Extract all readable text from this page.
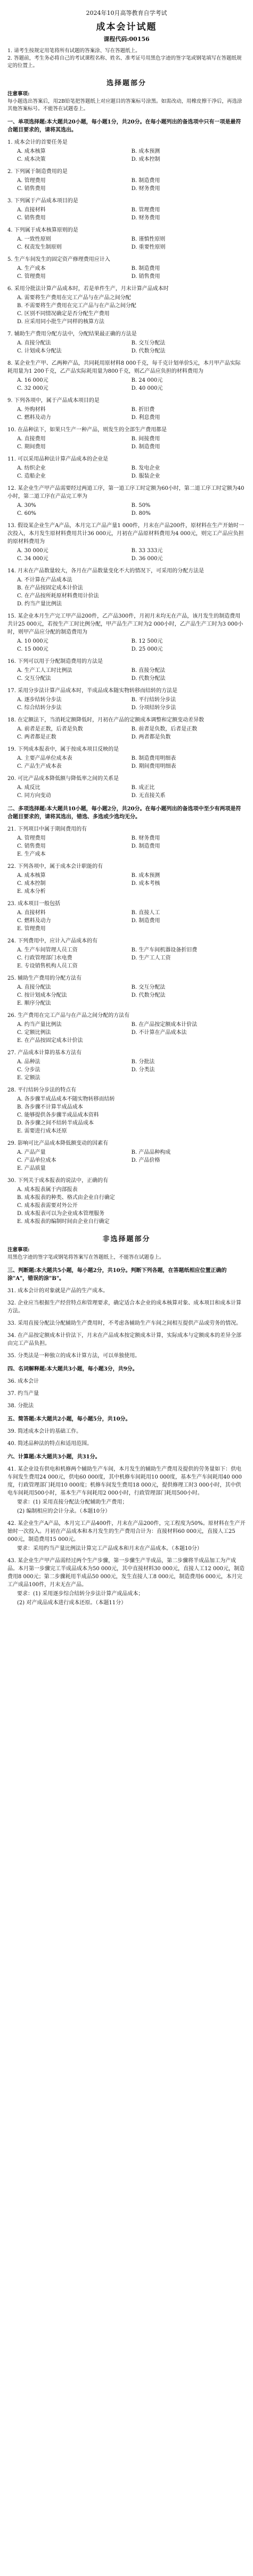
2024年10月高等教育自学考试
成本会计试题
课程代码:00156
1. 请考生按规定用笔将所有试题的答案涂、写在答题纸上。
2. 答题前，考生务必将自己的考试课程名称、姓名、准考证号用黑色字迹的签字笔或钢笔填写在答题纸规定的位置上。
选择题部分
注意事项:
每小题选出答案后，用2B铅笔把答题纸上对应题目的答案标号涂黑。如需改动，用橡皮擦干净后，再选涂其他答案标号。不能答在试题卷上。
一、单项选择题:本大题共20小题，每小题1分，共20分。在每小题列出的备选项中只有一项是最符合题目要求的，请将其选出。
1. 成本会计的首要任务是
A. 成本核算	B. 成本预测
C. 成本决策	D. 成本控制
2. 下列属于制造费用的是
A. 管理费用	B. 制造费用
C. 销售费用	D. 财务费用
3. 下列属于产品成本项目的是
A. 直接材料	B. 管理费用
C. 销售费用	D. 财务费用
4. 下列属于成本核算原则的是
A. 一致性原则	B. 谨慎性原则
C. 权责发生制原则	D. 重要性原则
5. 生产车间发生的固定资产修理费用应计入
A. 生产成本	B. 制造费用
C. 管理费用	D. 销售费用
6. 采用分批法计算产品成本时，若是单件生产，月末计算产品成本时
A. 需要将生产费用在完工产品与在产品之间分配
B. 不需要将生产费用在完工产品与在产品之间分配
C. 区别不同情况确定是否分配生产费用
D. 应采用同小批生产同样的核算方法
7. 辅助生产费用分配方法中，分配结果最正确的方法是
A. 直接分配法	B. 交互分配法
C. 计划成本分配法	D. 代数分配法
8. 某企业生产甲、乙两种产品，共同耗用原材料8 000千克，每千克计划单价5元，本月甲产品实际耗用量为1 200千克，乙产品实际耗用量为800千克，则乙产品应负担的材料费用为
A. 16 000元	B. 24 000元
C. 32 000元	D. 40 000元
9. 下列各项中，属于产品成本项目的是
A. 外购材料	B. 折旧费
C. 燃料及动力	D. 利息费用
10. 在品种法下，如果只生产一种产品，则发生的全部生产费用都是
A. 直接费用	B. 间接费用
C. 期间费用	D. 制造费用
11. 可以采用品种法计算产品成本的企业是
A. 纺织企业	B. 发电企业
C. 造船企业	D. 服装企业
12. 某企业生产甲产品需要经过两道工序，第一道工序工时定额为60小时，第二道工序工时定额为40小时，第二道工序在产品完工率为
A. 30%	B. 50%
C. 60%	D. 80%
13. 假设某企业生产A产品，本月完工产品产量1 000件，月末在产品200件，原材料在生产开始时一次投入，本月发生原材料费用共计36 000元，月初在产品原材料费用为4 000元，则完工产品应负担的原材料费用为
A. 30 000元	B. 33 333元
C. 34 000元	D. 36 000元
14. 月末在产品数量较大，各月在产品数量变化不大的情况下，可采用的分配方法是
A. 不计算在产品成本法
B. 在产品按固定成本计价法
C. 在产品按所耗原材料费用计价法
D. 约当产量比例法
15. 某企业本月生产完工甲产品200件，乙产品300件，月初月末均无在产品，该月发生的制造费用共计25 000元，若按生产工时比例分配，甲产品生产工时为2 000小时，乙产品生产工时为3 000小时，则甲产品应分配的制造费用为
A. 10 000元	B. 12 500元
C. 15 000元	D. 25 000元
16. 下列可以用于分配制造费用的方法是
A. 生产工人工时比例法	B. 直接分配法
C. 交互分配法	D. 代数分配法
17. 采用分步法计算产品成本时，半成品成本随实物转移而结转的方法是
A. 逐步结转分步法	B. 平行结转分步法
C. 综合结转分步法	D. 分项结转分步法
18. 在定额法下，当消耗定额降低时，月初在产品的定额成本调整和定额变动差异数
A. 前者是正数，后者是负数	B. 前者是负数，后者是正数
C. 两者都是正数	D. 两者都是负数
19. 下列成本报表中，属于按成本项目反映的是
A. 主要产品单位成本表	B. 制造费用明细表
C. 产品生产成本表	D. 期间费用明细表
20. 可比产品成本降低额与降低率之间的关系是
A. 成反比	B. 成正比
C. 同方向变动	D. 无直接关系
二、多项选择题:本大题共10小题，每小题2分，共20分。在每小题列出的备选项中至少有两项是符合题目要求的，请将其选出，错选、多选或少选均无分。
21. 下列项目中属于期间费用的有
A. 管理费用	B. 财务费用
C. 销售费用	D. 制造费用
E. 生产成本
22. 下列各项中，属于成本会计职能的有
A. 成本核算	B. 成本预测
C. 成本控制	D. 成本考核
E. 成本分析
23. 成本项目一般包括
A. 直接材料	B. 直接人工
C. 燃料及动力	D. 制造费用
E. 管理费用
24. 下列费用中，应计入产品成本的有
A. 生产车间管理人员工资	B. 生产车间机器设备折旧费
C. 行政管理部门水电费	D. 生产工人工资
E. 专设销售机构人员工资
25. 辅助生产费用的分配方法有
A. 直接分配法	B. 交互分配法
C. 按计划成本分配法	D. 代数分配法
E. 顺序分配法
26. 生产费用在完工产品与在产品之间分配的方法有
A. 约当产量比例法	B. 在产品按定额成本计价法
C. 定额比例法	D. 不计算在产品成本法
E. 在产品按固定成本计价法
27. 产品成本计算的基本方法有
A. 品种法	B. 分批法
C. 分步法	D. 分类法
E. 定额法
28. 平行结转分步法的特点有
A. 各步骤半成品成本不随实物转移而结转
B. 各步骤不计算半成品成本
C. 能够提供各步骤半成品成本资料
D. 各步骤之间不结转半成品成本
E. 需要进行成本还原
29. 影响可比产品成本降低额变动的因素有
A. 产品产量	B. 产品品种构成
C. 产品单位成本	D. 产品价格
E. 产品质量
30. 下列关于成本报表的说法中，正确的有
A. 成本报表属于内部报表
B. 成本报表的种类、格式由企业自行确定
C. 成本报表需要对外公开
D. 成本报表可以为企业成本管理服务
E. 成本报表的编制时间由企业自行确定
非选择题部分
注意事项:
用黑色字迹的签字笔或钢笔将答案写在答题纸上，不能答在试题卷上。
三、判断题:本大题共5小题，每小题2分，共10分。判断下列各题，在答题纸相应位置正确的涂"A"，错误的涂"B"。
31. 成本会计的对象就是产品的生产成本。
32. 企业应当根据生产经营特点和管理要求，确定适合本企业的成本核算对象、成本项目和成本计算方法。
33. 采用直接分配法分配辅助生产费用时，不考虑各辅助生产车间之间相互提供产品或劳务的情况。
34. 在产品按定额成本计价法下，月末在产品成本按定额成本计算，实际成本与定额成本的差异全部由完工产品负担。
35. 分类法是一种独立的成本计算方法，可以单独使用。
四、名词解释题:本大题共3小题，每小题3分，共9分。
36. 成本会计
37. 约当产量
38. 分批法
五、简答题:本大题共2小题，每小题5分，共10分。
39. 简述成本会计的基础工作。
40. 简述品种法的特点和适用范围。
六、计算题:本大题共3小题，共31分。
41. 某企业设有供电和机修两个辅助生产车间，本月发生的辅助生产费用及提供的劳务量如下：供电车间发生费用24 000元，供电60 000度，其中机修车间耗用10 000度，基本生产车间耗用40 000度，行政管理部门耗用10 000度；机修车间发生费用18 000元，提供修理工时3 000小时，其中供电车间耗用500小时，基本生产车间耗用2 000小时，行政管理部门耗用500小时。
要求：(1) 采用直接分配法分配辅助生产费用；
(2) 编制相应的会计分录。（本题10分）
42. 某企业生产A产品，本月完工产品400件，月末在产品200件，完工程度为50%。原材料在生产开始时一次投入。月初在产品成本和本月发生的生产费用合计为：直接材料60 000元，直接人工25 000元，制造费用15 000元。
要求：采用约当产量比例法计算完工产品成本和月末在产品成本。（本题10分）
43. 某企业生产甲产品需经过两个生产步骤，第一步骤生产半成品，第二步骤将半成品加工为产成品。本月第一步骤完工半成品成本为50 000元，其中直接材料30 000元，直接人工12 000元，制造费用8 000元；第二步骤耗用半成品50 000元，发生直接人工8 000元，制造费用6 000元，本月完工产成品100件，月末无在产品。
要求：(1) 采用逐步综合结转分步法计算产成品成本；
(2) 对产成品成本进行成本还原。（本题11分）
